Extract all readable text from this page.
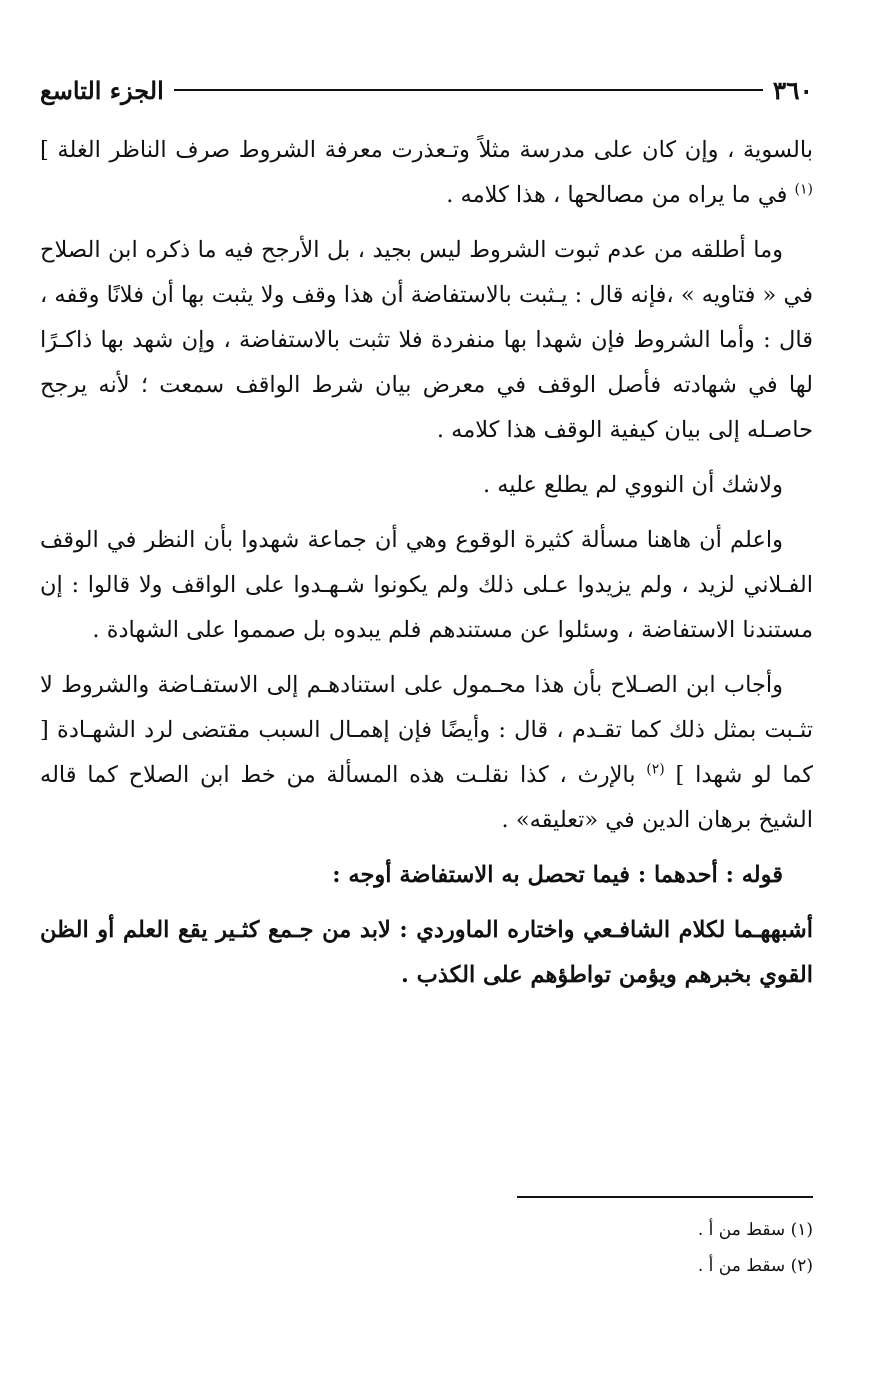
٣٦٠
الجزء التاسع

بالسوية ، وإن كان على مدرسة مثلاً وتـعذرت معرفة الشروط صرف الناظر الغلة ] $^{(١)}$ في ما يراه من مصالحها ، هذا كلامه .

وما أطلقه من عدم ثبوت الشروط ليس بجيد ، بل الأرجح فيه ما ذكره ابن الصلاح في « فتاويه » ،فإنه قال : يـثبت بالاستفاضة أن هذا وقف ولا يثبت بها أن فلانًا وقفه ، قال : وأما الشروط فإن شهدا بها منفردة فلا تثبت بالاستفاضة ، وإن شهد بها ذاكـرًا لها في شهادته فأصل الوقف في معرض بيان شرط الواقف سمعت ؛ لأنه يرجح حاصـله إلى بيان كيفية الوقف هذا كلامه .

ولاشك أن النووي لم يطلع عليه .

واعلم أن هاهنا مسألة كثيرة الوقوع وهي أن جماعة شهدوا بأن النظر في الوقف الفـلاني لزيد ، ولم يزيدوا عـلى ذلك ولم يكونوا شـهـدوا على الواقف ولا قالوا : إن مستندنا الاستفاضة ، وسئلوا عن مستندهم فلم يبدوه بل صمموا على الشهادة .

وأجاب ابن الصـلاح بأن هذا محـمول على استنادهـم إلى الاستفـاضة والشروط لا تثـبت بمثل ذلك كما تقـدم ، قال : وأيضًا فإن إهمـال السبب مقتضى لرد الشهـادة [ كما لو شهدا ] $^{(٢)}$ بالإرث ، كذا نقلـت هذه المسألة من خط ابن الصلاح كما قاله الشيخ برهان الدين في «تعليقه» .

قوله : أحدهما : فيما تحصل به الاستفاضة أوجه :

أشبههـما لكلام الشافـعي واختاره الماوردي : لابد من جـمع كثـير يقع العلم أو الظن القوي بخبرهم ويؤمن تواطؤهم على الكذب .

(١) سقط من أ .
(٢) سقط من أ .
